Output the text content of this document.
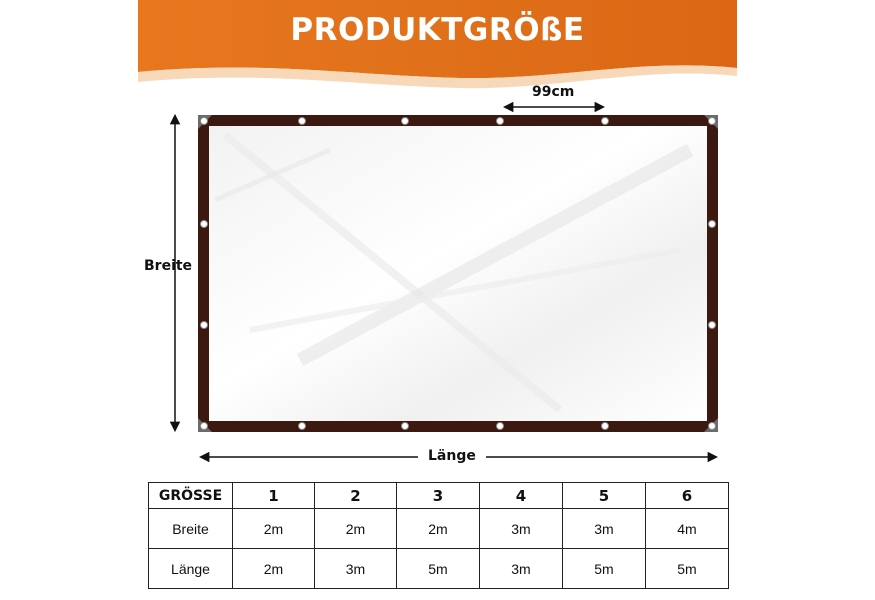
PRODUKTGRÖßE
99cm
Breite
Länge
GRÖSSE	1	2	3	4	5	6
Breite	2m	2m	2m	3m	3m	4m
Länge	2m	3m	5m	3m	5m	5m
